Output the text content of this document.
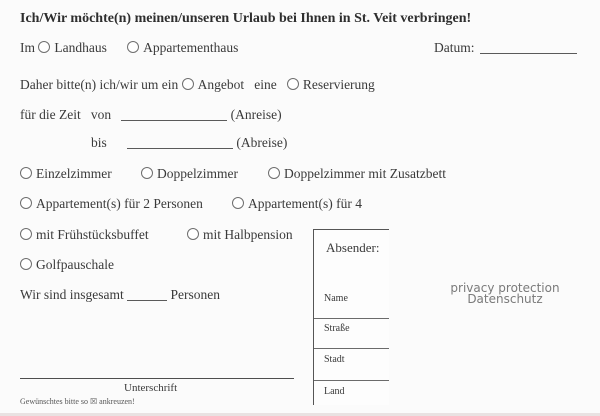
Ich/Wir möchte(n) meinen/unseren Urlaub bei Ihnen in St. Veit verbringen!
Im Landhaus	Appartementhaus	Datum:
Daher bitte(n) ich/wir um ein Angebot eine Reservierung
für die Zeit von	(Anreise)
bis	(Abreise)
Einzelzimmer	Doppelzimmer	Doppelzimmer mit Zusatzbett
Appartement(s) für 2 Personen	Appartement(s) für 4
mit Frühstücksbuffet	mit Halbpension
Golfpauschale
Wir sind insgesamt	Personen
Unterschrift
Gewünschtes bitte so ☒ ankreuzen!
Absender:
Name
Straße
Stadt
Land
privacy protection
Datenschutz
